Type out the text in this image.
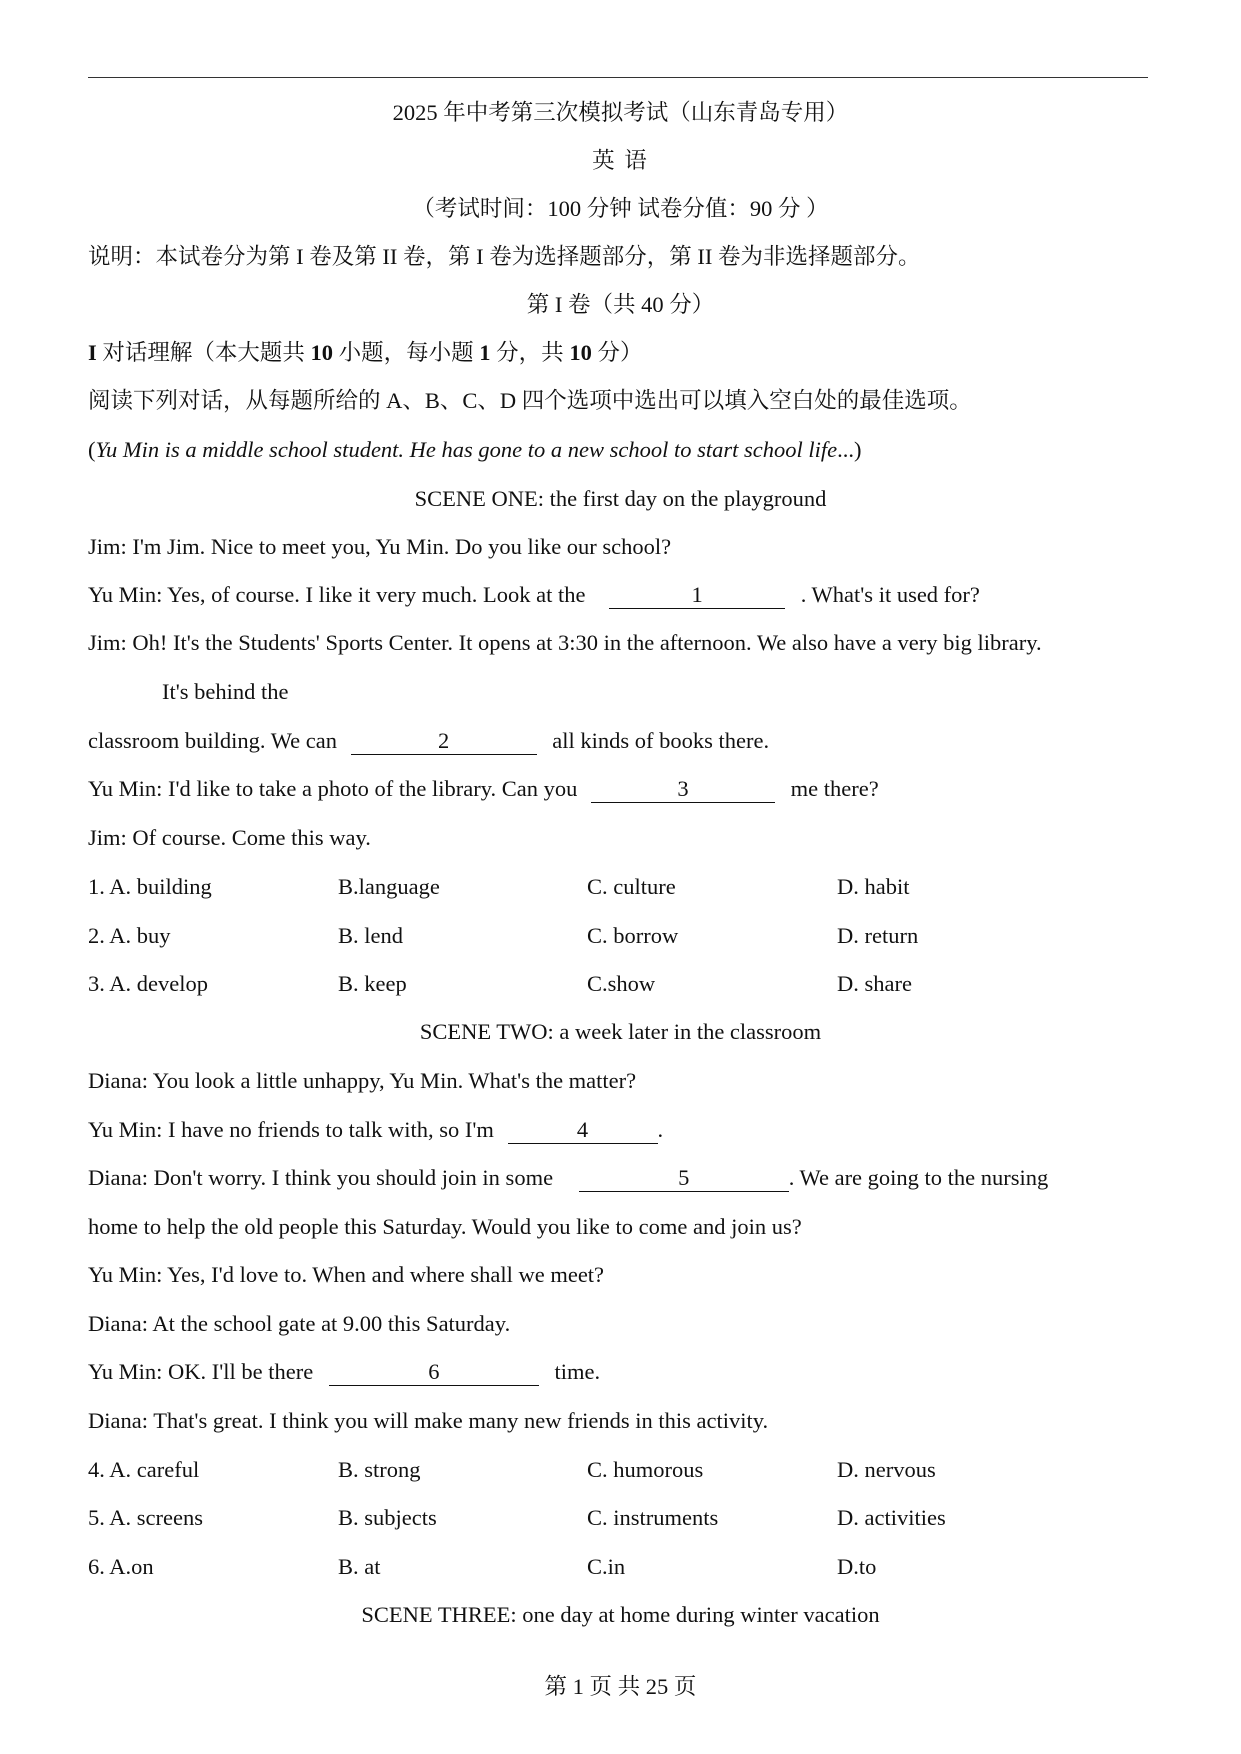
2025 年中考第三次模拟考试（山东青岛专用）
英 语
（考试时间：100 分钟 试卷分值：90 分 ）
说明：本试卷分为第 I 卷及第 II 卷，第 I 卷为选择题部分，第 II 卷为非选择题部分。
第 I 卷（共 40 分）
I 对话理解（本大题共 10 小题，每小题 1 分，共 10 分）
阅读下列对话，从每题所给的 A、B、C、D 四个选项中选出可以填入空白处的最佳选项。
(Yu Min is a middle school student. He has gone to a new school to start school life...)
SCENE ONE: the first day on the playground
Jim: I'm Jim. Nice to meet you, Yu Min. Do you like our school?
Yu Min: Yes, of course. I like it very much. Look at the	1	. What's it used for?
Jim: Oh! It's the Students' Sports Center. It opens at 3:30 in the afternoon. We also have a very big library.
It's behind the
classroom building. We can	2	all kinds of books there.
Yu Min: I'd like to take a photo of the library. Can you	3	me there?
Jim: Of course. Come this way.
1. A. building	B.language	C. culture	D. habit
2. A. buy	B. lend	C. borrow	D. return
3. A. develop	B. keep	C.show	D. share
SCENE TWO: a week later in the classroom
Diana: You look a little unhappy, Yu Min. What's the matter?
Yu Min: I have no friends to talk with, so I'm	4	.
Diana: Don't worry. I think you should join in some	5	. We are going to the nursing
home to help the old people this Saturday. Would you like to come and join us?
Yu Min: Yes, I'd love to. When and where shall we meet?
Diana: At the school gate at 9.00 this Saturday.
Yu Min: OK. I'll be there	6	time.
Diana: That's great. I think you will make many new friends in this activity.
4. A. careful	B. strong	C. humorous	D. nervous
5. A. screens	B. subjects	C. instruments	D. activities
6. A.on	B. at	C.in	D.to
SCENE THREE: one day at home during winter vacation
第 1 页 共 25 页
